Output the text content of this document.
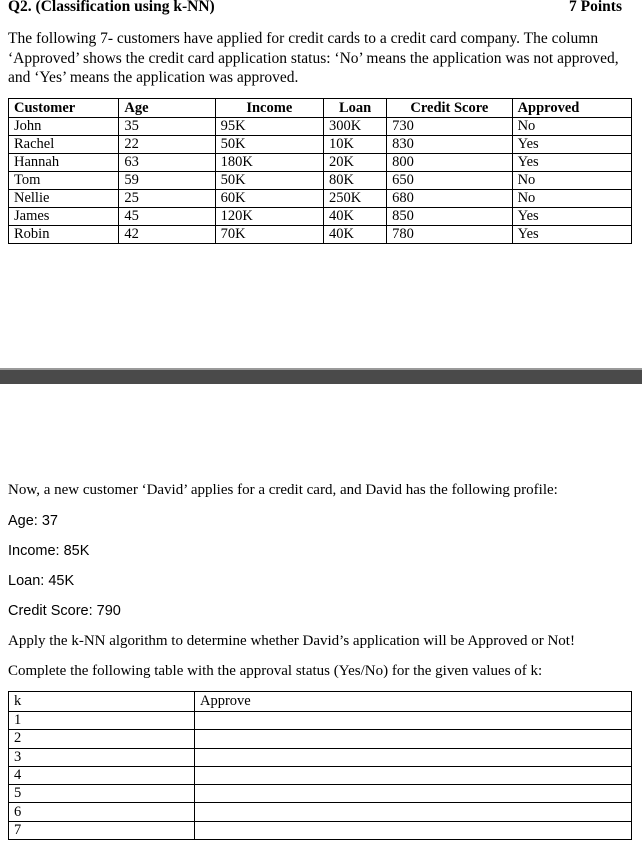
Q2. (Classification using k-NN)	7 Points

The following 7- customers have applied for credit cards to a credit card company. The column ‘Approved’ shows the credit card application status: ‘No’ means the application was not approved, and ‘Yes’ means the application was approved.

Customer	Age	Income	Loan	Credit Score	Approved
John	35	95K	300K	730	No
Rachel	22	50K	10K	830	Yes
Hannah	63	180K	20K	800	Yes
Tom	59	50K	80K	650	No
Nellie	25	60K	250K	680	No
James	45	120K	40K	850	Yes
Robin	42	70K	40K	780	Yes
Now, a new customer ‘David’ applies for a credit card, and David has the following profile:
Age: 37
Income: 85K
Loan: 45K
Credit Score: 790
Apply the k-NN algorithm to determine whether David’s application will be Approved or Not!
Complete the following table with the approval status (Yes/No) for the given values of k:
k	Approve
1	
2	
3	
4	
5	
6	
7	
